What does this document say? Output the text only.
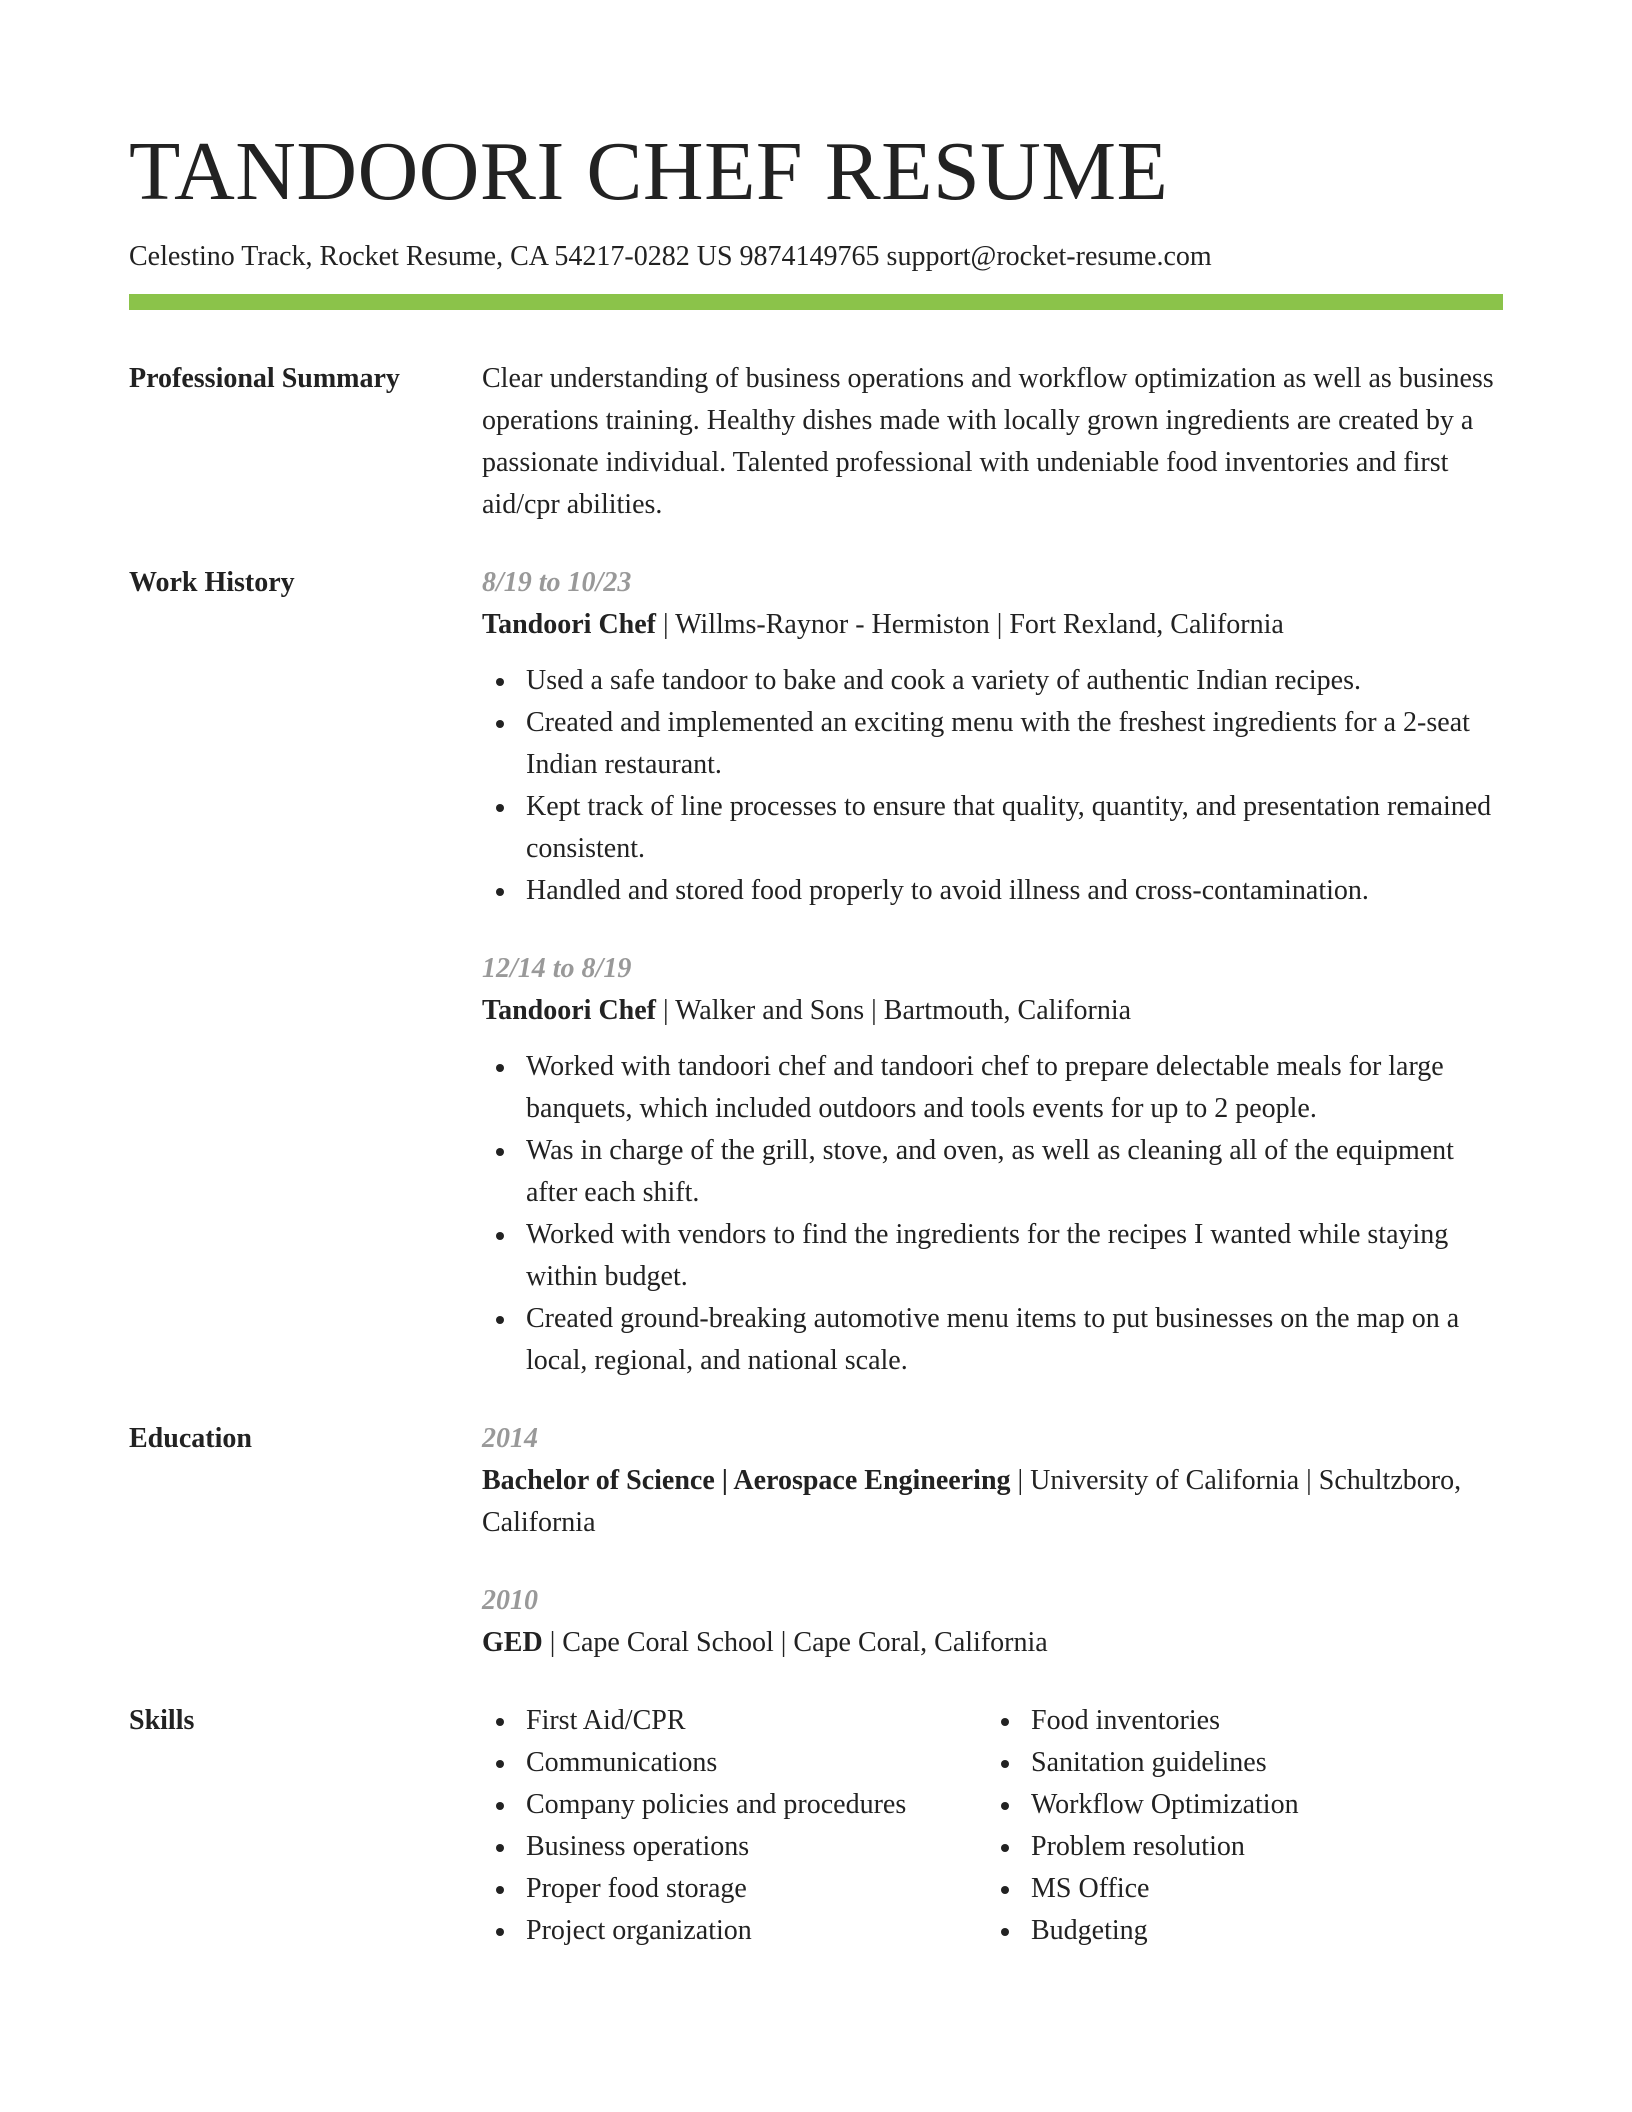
TANDOORI CHEF RESUME
Celestino Track, Rocket Resume, CA 54217-0282 US 9874149765 support@rocket-resume.com
Professional Summary	Clear understanding of business operations and workflow optimization as well as business operations training. Healthy dishes made with locally grown ingredients are created by a passionate individual. Talented professional with undeniable food inventories and first aid/cpr abilities.
Work History	8/19 to 10/23
Tandoori Chef | Willms-Raynor - Hermiston | Fort Rexland, California
Used a safe tandoor to bake and cook a variety of authentic Indian recipes.
Created and implemented an exciting menu with the freshest ingredients for a 2-seat Indian restaurant.
Kept track of line processes to ensure that quality, quantity, and presentation remained consistent.
Handled and stored food properly to avoid illness and cross-contamination.
12/14 to 8/19
Tandoori Chef | Walker and Sons | Bartmouth, California
Worked with tandoori chef and tandoori chef to prepare delectable meals for large banquets, which included outdoors and tools events for up to 2 people.
Was in charge of the grill, stove, and oven, as well as cleaning all of the equipment after each shift.
Worked with vendors to find the ingredients for the recipes I wanted while staying within budget.
Created ground-breaking automotive menu items to put businesses on the map on a local, regional, and national scale.
Education	2014
Bachelor of Science | Aerospace Engineering | University of California | Schultzboro, California
2010
GED | Cape Coral School | Cape Coral, California
Skills	First Aid/CPR
Communications
Company policies and procedures
Business operations
Proper food storage
Project organization
Food inventories
Sanitation guidelines
Workflow Optimization
Problem resolution
MS Office
Budgeting
